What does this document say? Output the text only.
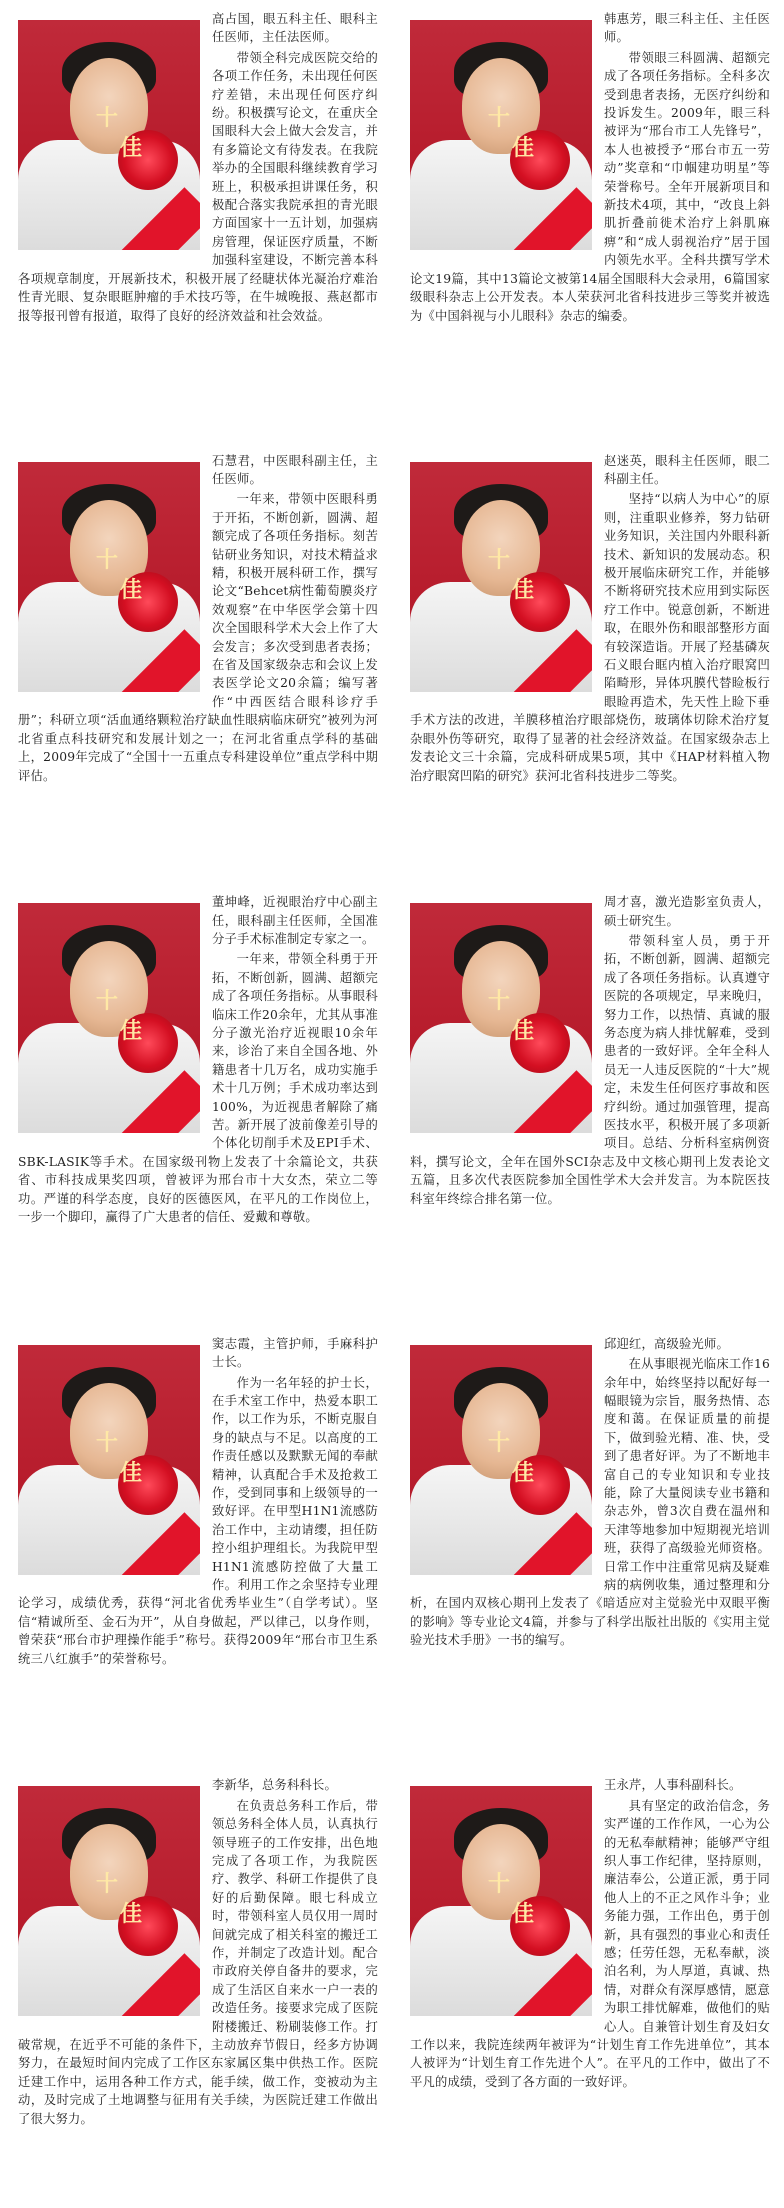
十
佳

高占国，眼五科主任、眼科主任医师，主任法医师。

带领全科完成医院交给的各项工作任务，未出现任何医疗差错，未出现任何医疗纠纷。积极撰写论文，在重庆全国眼科大会上做大会发言，并有多篇论文有待发表。在我院举办的全国眼科继续教育学习班上，积极承担讲课任务，积极配合落实我院承担的青光眼方面国家十一五计划，加强病房管理，保证医疗质量，不断加强科室建设，不断完善本科各项规章制度，开展新技术，积极开展了经睫状体光凝治疗难治性青光眼、复杂眼眶肿瘤的手术技巧等，在牛城晚报、燕赵都市报等报刊曾有报道，取得了良好的经济效益和社会效益。

十
佳

韩惠芳，眼三科主任、主任医师。

带领眼三科圆满、超额完成了各项任务指标。全科多次受到患者表扬，无医疗纠纷和投诉发生。2009年，眼三科被评为“邢台市工人先锋号”，本人也被授予“邢台市五一劳动”奖章和“巾帼建功明星”等荣誉称号。全年开展新项目和新技术4项，其中，“改良上斜肌折叠前徙术治疗上斜肌麻痹”和“成人弱视治疗”居于国内领先水平。全科共撰写学术论文19篇，其中13篇论文被第14届全国眼科大会录用，6篇国家级眼科杂志上公开发表。本人荣获河北省科技进步三等奖并被选为《中国斜视与小儿眼科》杂志的编委。

十
佳

石慧君，中医眼科副主任，主任医师。

一年来，带领中医眼科勇于开拓，不断创新，圆满、超额完成了各项任务指标。刻苦钻研业务知识，对技术精益求精，积极开展科研工作，撰写论文“Behcet病性葡萄膜炎疗效观察”在中华医学会第十四次全国眼科学术大会上作了大会发言；多次受到患者表扬；在省及国家级杂志和会议上发表医学论文20余篇；编写著作“中西医结合眼科诊疗手册”；科研立项“活血通络颗粒治疗缺血性眼病临床研究”被列为河北省重点科技研究和发展计划之一；在河北省重点学科的基础上，2009年完成了“全国十一五重点专科建设单位”重点学科中期评估。

十
佳

赵迷英，眼科主任医师，眼二科副主任。

坚持“以病人为中心”的原则，注重职业修养，努力钻研业务知识，关注国内外眼科新技术、新知识的发展动态。积极开展临床研究工作，并能够不断将研究技术应用到实际医疗工作中。锐意创新，不断进取，在眼外伤和眼部整形方面有较深造诣。开展了羟基磷灰石义眼台眶内植入治疗眼窝凹陷畸形，异体巩膜代替睑板行眼睑再造术，先天性上睑下垂手术方法的改进，羊膜移植治疗眼部烧伤，玻璃体切除术治疗复杂眼外伤等研究，取得了显著的社会经济效益。在国家级杂志上发表论文三十余篇，完成科研成果5项，其中《HAP材料植入物治疗眼窝凹陷的研究》获河北省科技进步二等奖。

十
佳

董坤峰，近视眼治疗中心副主任，眼科副主任医师，全国准分子手术标准制定专家之一。

一年来，带领全科勇于开拓，不断创新，圆满、超额完成了各项任务指标。从事眼科临床工作20余年，尤其从事准分子激光治疗近视眼10余年来，诊治了来自全国各地、外籍患者十几万名，成功实施手术十几万例；手术成功率达到100%，为近视患者解除了痛苦。新开展了波前像差引导的个体化切削手术及EPI手术、SBK-LASIK等手术。在国家级刊物上发表了十余篇论文，共获省、市科技成果奖四项，曾被评为邢台市十大女杰，荣立二等功。严谨的科学态度，良好的医德医风，在平凡的工作岗位上，一步一个脚印，赢得了广大患者的信任、爱戴和尊敬。

十
佳

周才喜，激光造影室负责人，硕士研究生。

带领科室人员，勇于开拓，不断创新，圆满、超额完成了各项任务指标。认真遵守医院的各项规定，早来晚归，努力工作，以热情、真诚的服务态度为病人排忧解难，受到患者的一致好评。全年全科人员无一人违反医院的“十大”规定，未发生任何医疗事故和医疗纠纷。通过加强管理，提高医技水平，积极开展了多项新项目。总结、分析科室病例资料，撰写论文，全年在国外SCI杂志及中文核心期刊上发表论文五篇，且多次代表医院参加全国性学术大会并发言。为本院医技科室年终综合排名第一位。

十
佳

窦志霞，主管护师，手麻科护士长。

作为一名年轻的护士长，在手术室工作中，热爱本职工作，以工作为乐，不断克服自身的缺点与不足。以高度的工作责任感以及默默无闻的奉献精神，认真配合手术及抢救工作，受到同事和上级领导的一致好评。在甲型H1N1流感防治工作中，主动请缨，担任防控小组护理组长。为我院甲型H1N1流感防控做了大量工作。利用工作之余坚持专业理论学习，成绩优秀，获得“河北省优秀毕业生”（自学考试）。坚信“精诚所至、金石为开”，从自身做起，严以律己，以身作则，曾荣获“邢台市护理操作能手”称号。获得2009年“邢台市卫生系统三八红旗手”的荣誉称号。

十
佳

邱迎红，高级验光师。

在从事眼视光临床工作16余年中，始终坚持以配好每一幅眼镜为宗旨，服务热情、态度和蔼。在保证质量的前提下，做到验光精、准、快，受到了患者好评。为了不断地丰富自己的专业知识和专业技能，除了大量阅读专业书籍和杂志外，曾3次自费在温州和天津等地参加中短期视光培训班，获得了高级验光师资格。日常工作中注重常见病及疑难病的病例收集，通过整理和分析，在国内双核心期刊上发表了《暗适应对主觉验光中双眼平衡的影响》等专业论文4篇，并参与了科学出版社出版的《实用主觉验光技术手册》一书的编写。

十
佳

李新华，总务科科长。

在负责总务科工作后，带领总务科全体人员，认真执行领导班子的工作安排，出色地完成了各项工作，为我院医疗、教学、科研工作提供了良好的后勤保障。眼七科成立时，带领科室人员仅用一周时间就完成了相关科室的搬迁工作，并制定了改造计划。配合市政府关停自备井的要求，完成了生活区自来水一户一表的改造任务。接要求完成了医院附楼搬迁、粉刷装修工作。打破常规，在近乎不可能的条件下，主动放弃节假日，经多方协调努力，在最短时间内完成了工作区东家属区集中供热工作。医院迁建工作中，运用各种工作方式，能手续，做工作，变被动为主动，及时完成了土地调整与征用有关手续，为医院迁建工作做出了很大努力。

十
佳

王永芹，人事科副科长。

具有坚定的政治信念，务实严谨的工作作风，一心为公的无私奉献精神；能够严守组织人事工作纪律，坚持原则，廉洁奉公，公道正派，勇于同他人上的不正之风作斗争；业务能力强，工作出色，勇于创新，具有强烈的事业心和责任感；任劳任怨，无私奉献，淡泊名利，为人厚道，真诚、热情，对群众有深厚感情，愿意为职工排忧解难，做他们的贴心人。自兼管计划生育及妇女工作以来，我院连续两年被评为“计划生育工作先进单位”，其本人被评为“计划生育工作先进个人”。在平凡的工作中，做出了不平凡的成绩，受到了各方面的一致好评。
